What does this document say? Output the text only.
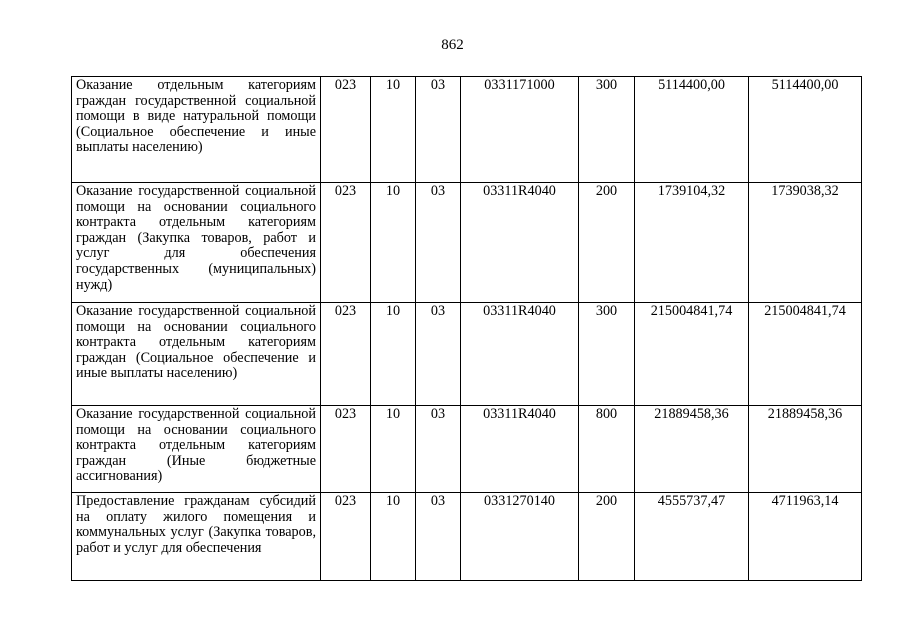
862
Оказание отдельным категориям граждан государственной социальной помощи в виде натуральной помощи (Социальное обеспечение и иные выплаты населению)	023	10	03	0331171000	300	5114400,00	5114400,00

Оказание государственной социальной помощи на основании социального контракта отдельным категориям граждан (Закупка товаров, работ и услуг для обеспечения государственных (муниципальных) нужд)	023	10	03	03311R4040	200	1739104,32	1739038,32

Оказание государственной социальной помощи на основании социального контракта отдельным категориям граждан (Социальное обеспечение и иные выплаты населению)	023	10	03	03311R4040	300	215004841,74	215004841,74

Оказание государственной социальной помощи на основании социального контракта отдельным категориям граждан (Иные бюджетные ассигнования)	023	10	03	03311R4040	800	21889458,36	21889458,36

Предоставление гражданам субсидий на оплату жилого помещения и коммунальных услуг (Закупка товаров, работ и услуг для обеспечения	023	10	03	0331270140	200	4555737,47	4711963,14
